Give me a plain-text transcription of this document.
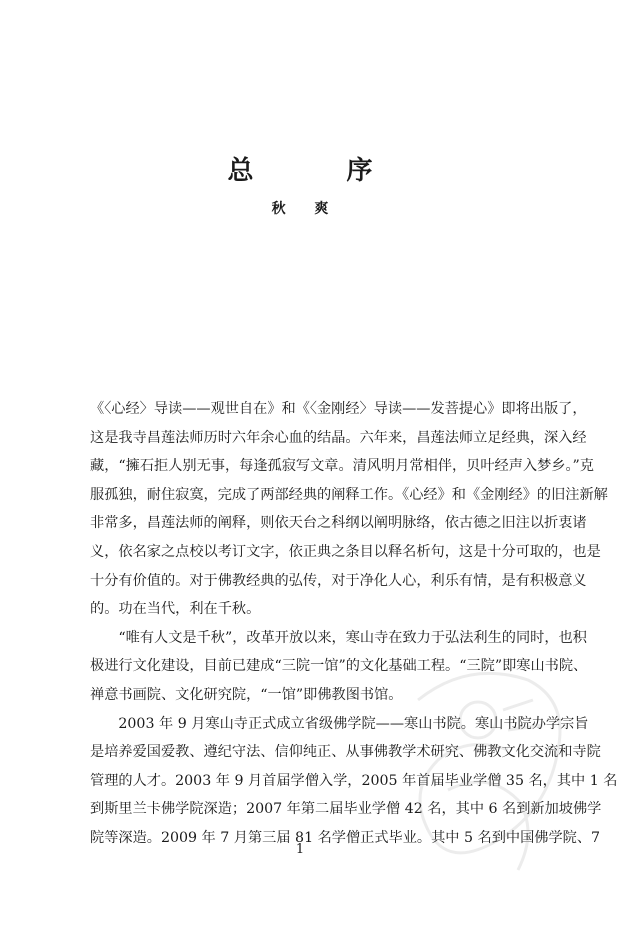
总 序
秋 爽
《〈心经〉导读——观世自在》和《〈金刚经〉导读——发菩提心》即将出版了，
这是我寺昌莲法师历时六年余心血的结晶。六年来，昌莲法师立足经典，深入经
藏，“擁石拒人别无事，每逢孤寂写文章。清风明月常相伴，贝叶经声入梦乡。”克
服孤独，耐住寂寞，完成了两部经典的阐释工作。《心经》和《金刚经》的旧注新解
非常多，昌莲法师的阐释，则依天台之科纲以阐明脉络，依古德之旧注以折衷诸
义，依名家之点校以考订文字，依正典之条目以释名析句，这是十分可取的，也是
十分有价值的。对于佛教经典的弘传，对于净化人心，利乐有情，是有积极意义
的。功在当代，利在千秋。
　　“唯有人文是千秋”，改革开放以来，寒山寺在致力于弘法利生的同时，也积
极进行文化建设，目前已建成“三院一馆”的文化基础工程。“三院”即寒山书院、
禅意书画院、文化研究院，“一馆”即佛教图书馆。
　　2003 年 9 月寒山寺正式成立省级佛学院——寒山书院。寒山书院办学宗旨
是培养爱国爱教、遵纪守法、信仰纯正、从事佛教学术研究、佛教文化交流和寺院
管理的人才。2003 年 9 月首届学僧入学，2005 年首届毕业学僧 35 名，其中 1 名
到斯里兰卡佛学院深造；2007 年第二届毕业学僧 42 名，其中 6 名到新加坡佛学
院等深造。2009 年 7 月第三届 81 名学僧正式毕业。其中 5 名到中国佛学院、7
1
